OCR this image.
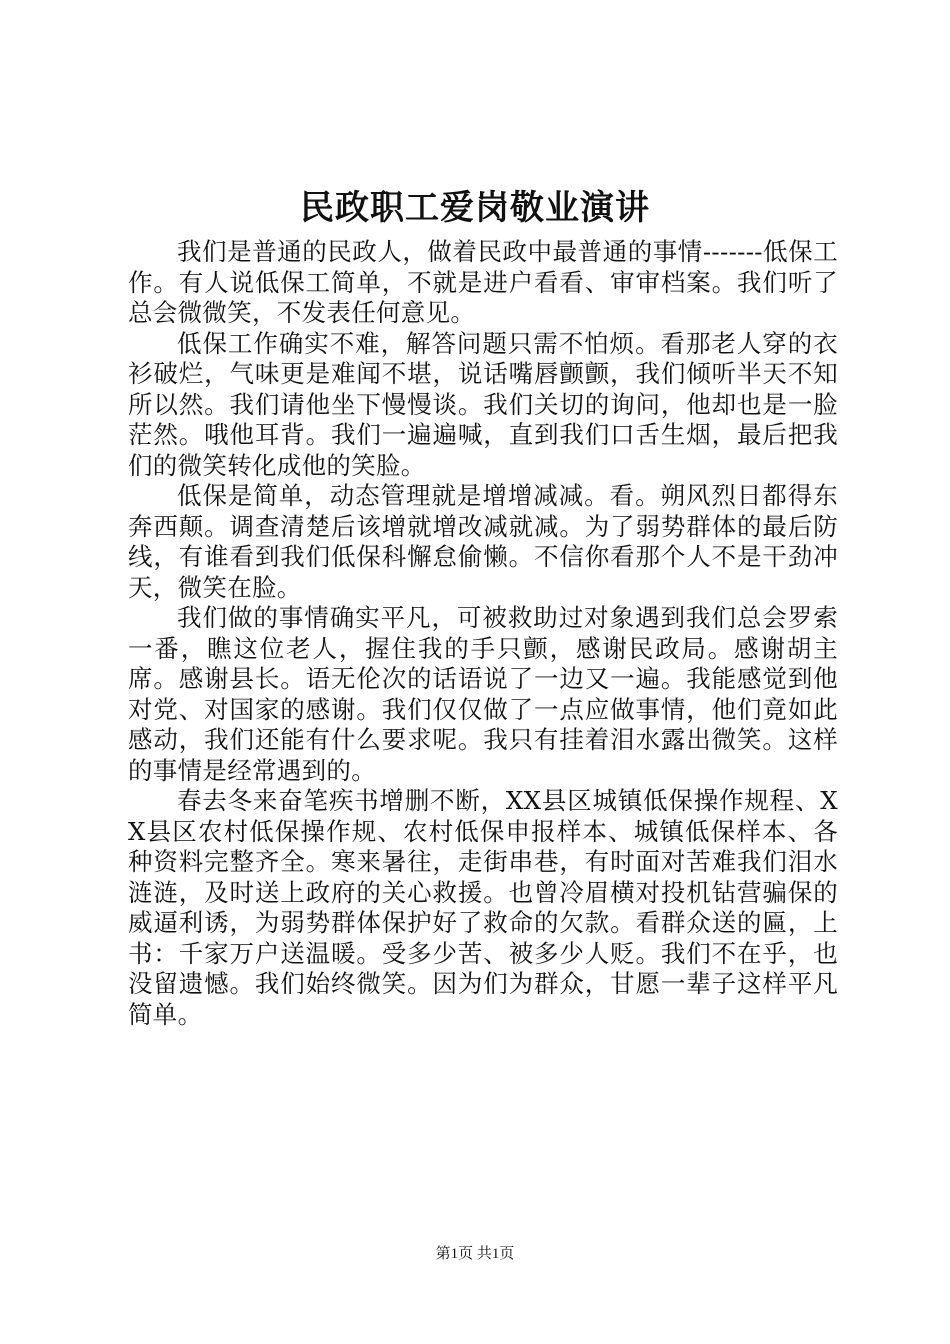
民政职工爱岗敬业演讲

我们是普通的民政人，做着民政中最普通的事情-------低保工作。有人说低保工简单，不就是进户看看、审审档案。我们听了总会微微笑，不发表任何意见。

低保工作确实不难，解答问题只需不怕烦。看那老人穿的衣衫破烂，气味更是难闻不堪，说话嘴唇颤颤，我们倾听半天不知所以然。我们请他坐下慢慢谈。我们关切的询问，他却也是一脸茫然。哦他耳背。我们一遍遍喊，直到我们口舌生烟，最后把我们的微笑转化成他的笑脸。

低保是简单，动态管理就是增增减减。看。朔风烈日都得东奔西颠。调查清楚后该增就增改减就减。为了弱势群体的最后防线，有谁看到我们低保科懈怠偷懒。不信你看那个人不是干劲冲天，微笑在脸。

我们做的事情确实平凡，可被救助过对象遇到我们总会罗索一番，瞧这位老人，握住我的手只颤，感谢民政局。感谢胡主席。感谢县长。语无伦次的话语说了一边又一遍。我能感觉到他对党、对国家的感谢。我们仅仅做了一点应做事情，他们竟如此感动，我们还能有什么要求呢。我只有挂着泪水露出微笑。这样的事情是经常遇到的。

春去冬来奋笔疾书增删不断，XX县区城镇低保操作规程、XX县区农村低保操作规、农村低保申报样本、城镇低保样本、各种资料完整齐全。寒来暑往，走街串巷，有时面对苦难我们泪水涟涟，及时送上政府的关心救援。也曾冷眉横对投机钻营骗保的威逼利诱，为弱势群体保护好了救命的欠款。看群众送的匾，上书：千家万户送温暖。受多少苦、被多少人贬。我们不在乎，也没留遗憾。我们始终微笑。因为们为群众，甘愿一辈子这样平凡简单。

第1页 共1页
